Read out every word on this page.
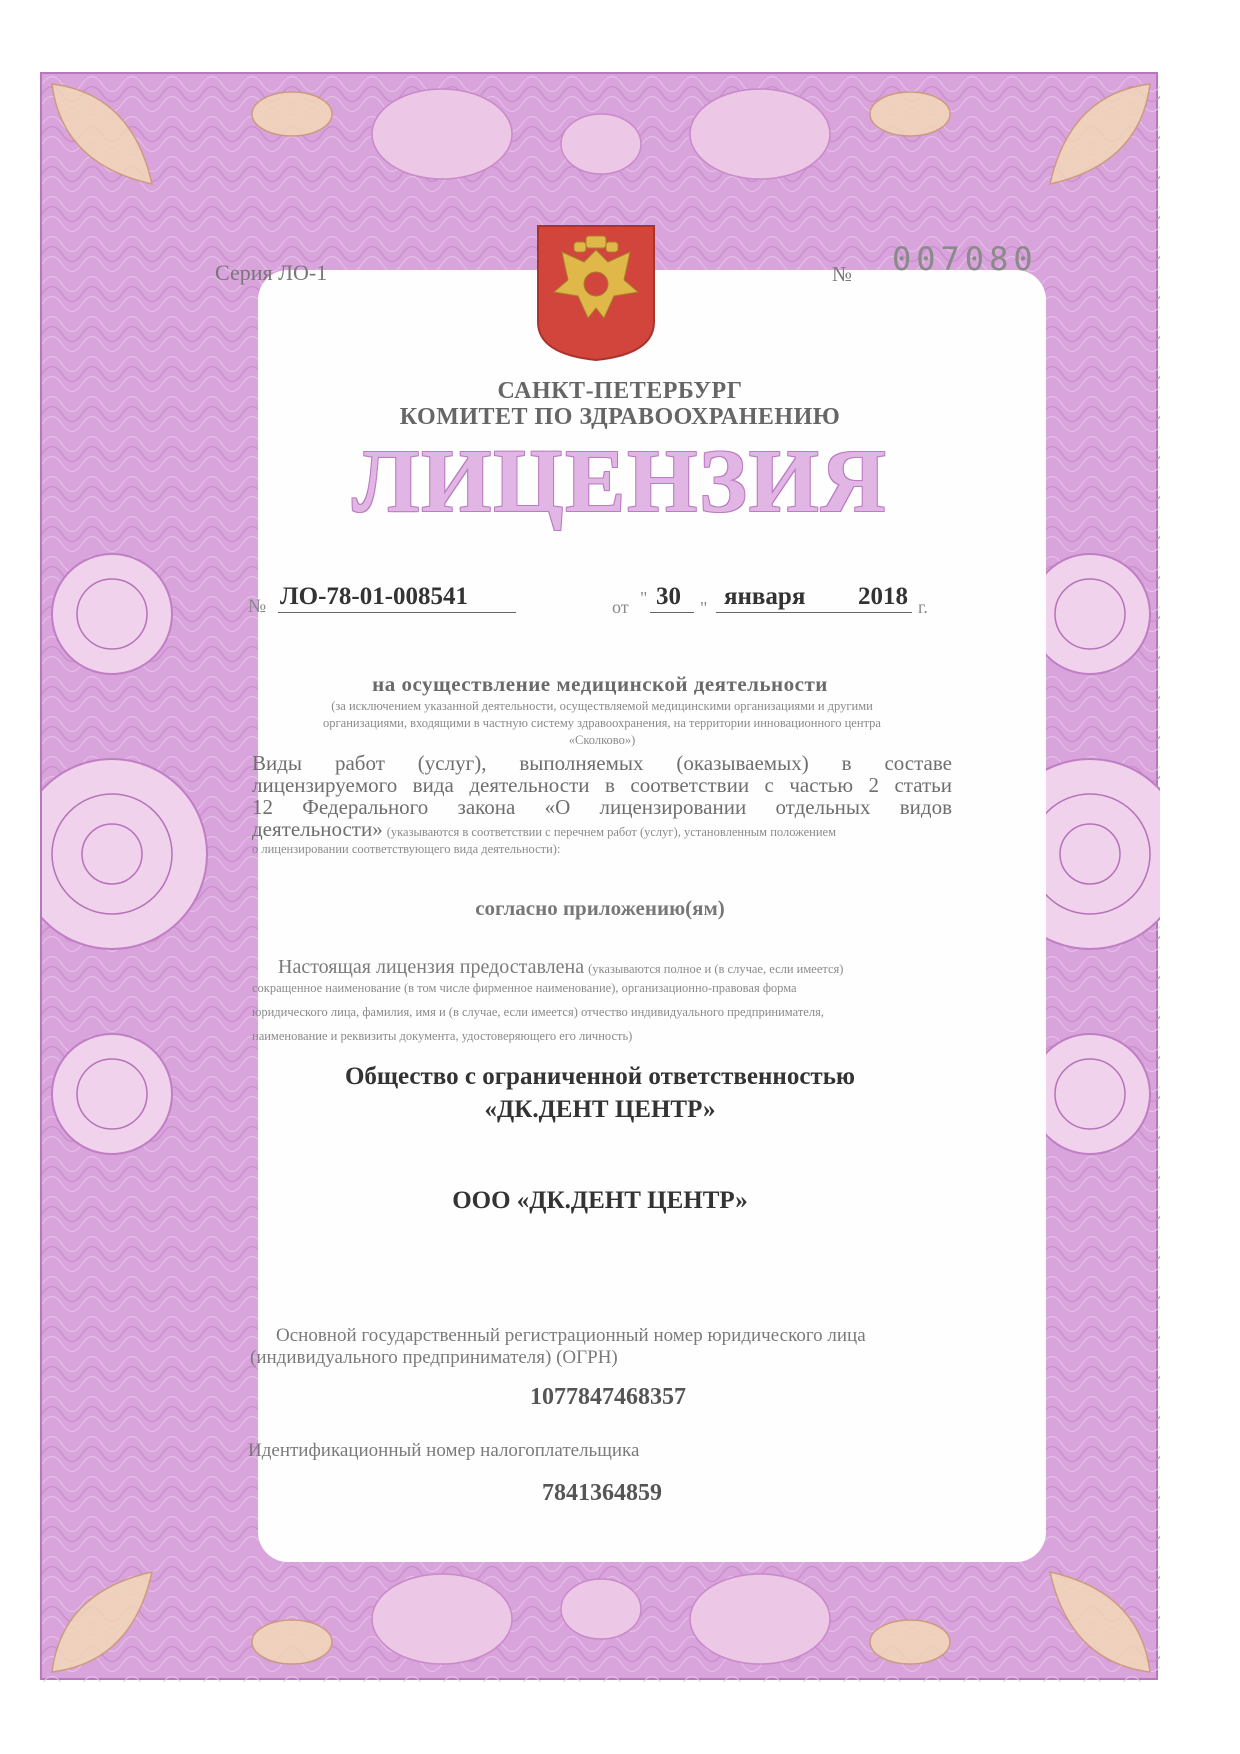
Серия ЛО-1	№ 007080
САНКТ-ПЕТЕРБУРГ
КОМИТЕТ ПО ЗДРАВООХРАНЕНИЮ
ЛИЦЕНЗИЯ
№ ЛО-78-01-008541	от " 30 " января 2018 г.
на осуществление медицинской деятельности
(за исключением указанной деятельности, осуществляемой медицинскими организациями и другими
организациями, входящими в частную систему здравоохранения, на территории инновационного центра
«Сколково»)
Виды работ (услуг), выполняемых (оказываемых) в составе
лицензируемого вида деятельности в соответствии с частью 2 статьи
12 Федерального закона «О лицензировании отдельных видов
деятельности» (указываются в соответствии с перечнем работ (услуг), установленным положением
о лицензировании соответствующего вида деятельности):
согласно приложению(ям)
Настоящая лицензия предоставлена (указываются полное и (в случае, если имеется)
сокращенное наименование (в том числе фирменное наименование), организационно-правовая форма
юридического лица, фамилия, имя и (в случае, если имеется) отчество индивидуального предпринимателя,
наименование и реквизиты документа, удостоверяющего его личность)
Общество с ограниченной ответственностью
«ДК.ДЕНТ ЦЕНТР»
ООО «ДК.ДЕНТ ЦЕНТР»
Основной государственный регистрационный номер юридического лица
(индивидуального предпринимателя) (ОГРН)
1077847468357
Идентификационный номер налогоплательщика
7841364859
